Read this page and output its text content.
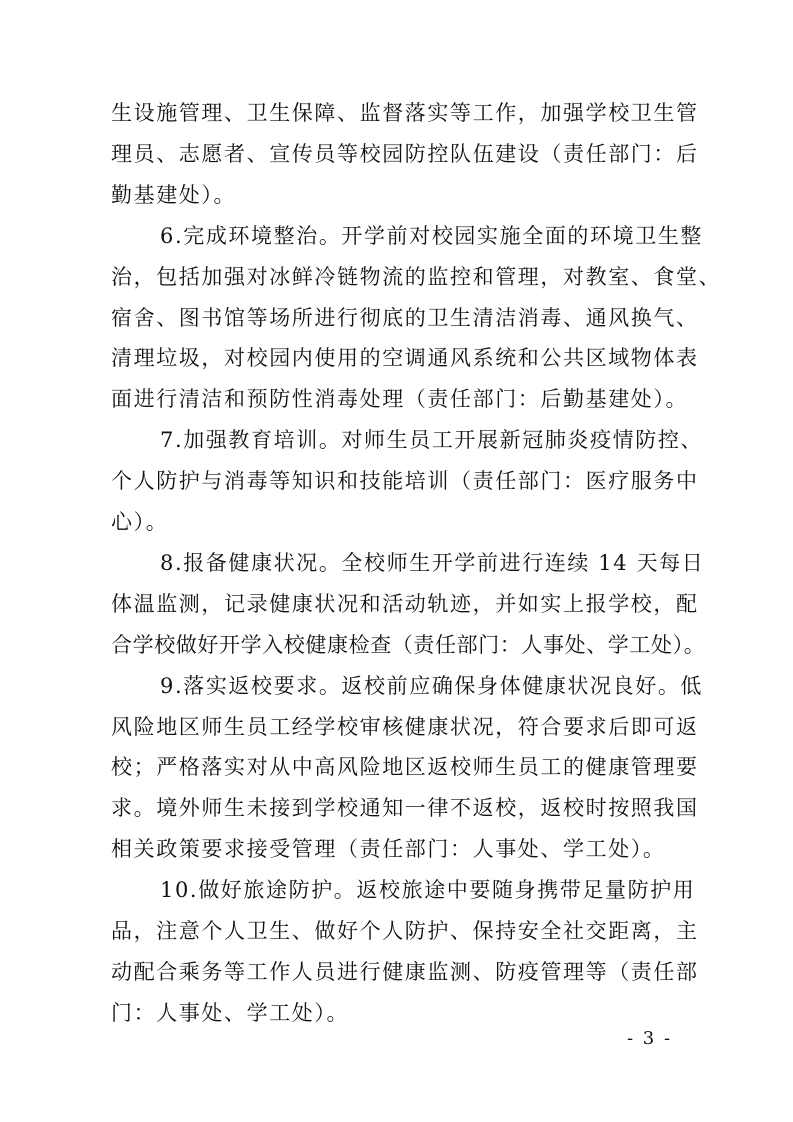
生设施管理、卫生保障、监督落实等工作，加强学校卫生管
理员、志愿者、宣传员等校园防控队伍建设（责任部门：后
勤基建处）。
6.完成环境整治。开学前对校园实施全面的环境卫生整
治，包括加强对冰鲜冷链物流的监控和管理，对教室、食堂、
宿舍、图书馆等场所进行彻底的卫生清洁消毒、通风换气、
清理垃圾，对校园内使用的空调通风系统和公共区域物体表
面进行清洁和预防性消毒处理（责任部门：后勤基建处）。
7.加强教育培训。对师生员工开展新冠肺炎疫情防控、
个人防护与消毒等知识和技能培训（责任部门：医疗服务中
心）。
8.报备健康状况。全校师生开学前进行连续 14 天每日
体温监测，记录健康状况和活动轨迹，并如实上报学校，配
合学校做好开学入校健康检查（责任部门：人事处、学工处）。
9.落实返校要求。返校前应确保身体健康状况良好。低
风险地区师生员工经学校审核健康状况，符合要求后即可返
校；严格落实对从中高风险地区返校师生员工的健康管理要
求。境外师生未接到学校通知一律不返校，返校时按照我国
相关政策要求接受管理（责任部门：人事处、学工处）。
10.做好旅途防护。返校旅途中要随身携带足量防护用
品，注意个人卫生、做好个人防护、保持安全社交距离，主
动配合乘务等工作人员进行健康监测、防疫管理等（责任部
门：人事处、学工处）。
- 3 -
